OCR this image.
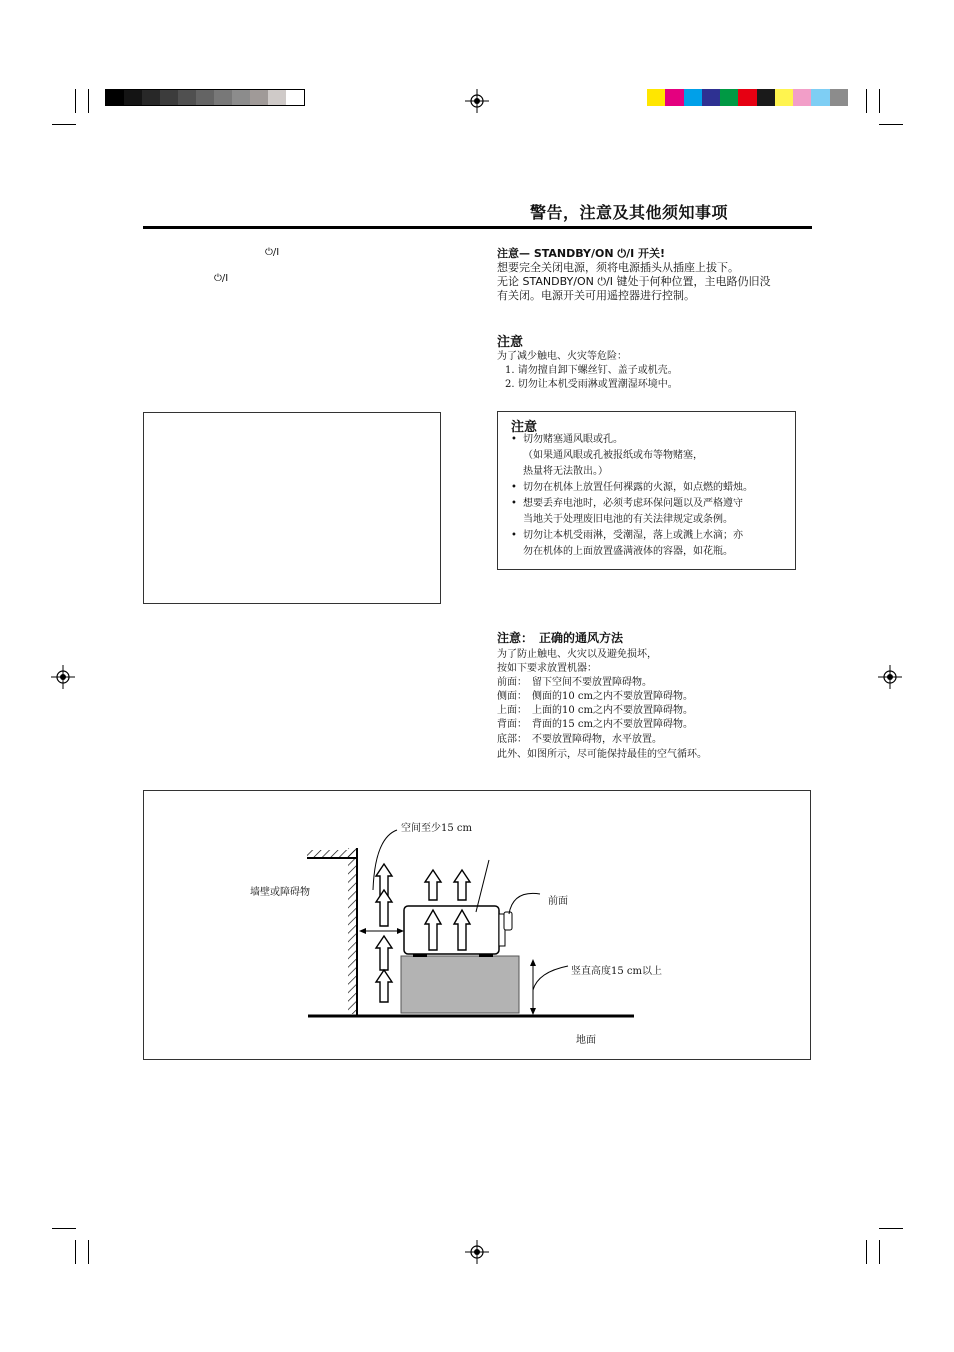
警告，注意及其他须知事项
⏻/I
⏻/I
注意— STANDBY/ON ⏻/I 开关!
想要完全关闭电源，须将电源插头从插座上拔下。
无论 STANDBY/ON ⏻/I 键处于何种位置，主电路仍旧没
有关闭。电源开关可用遥控器进行控制。
注意
为了减少触电、火灾等危险：
1. 请勿擅自卸下螺丝钉、盖子或机壳。
2. 切勿让本机受雨淋或置潮湿环境中。
注意
• 切勿赌塞通风眼或孔。
（如果通风眼或孔被报纸或布等物赌塞，
热量将无法散出。）
• 切勿在机体上放置任何裸露的火源，如点燃的蜡烛。
• 想要丢弃电池时，必须考虑环保问题以及严格遵守
当地关于处理废旧电池的有关法律规定或条例。
• 切勿让本机受雨淋，受潮湿，落上或溅上水滴；亦
勿在机体的上面放置盛满液体的容器，如花瓶。
注意：　正确的通风方法
为了防止触电、火灾以及避免损坏，
按如下要求放置机器：
前面：　留下空间不要放置障碍物。
侧面：　侧面的10 cm之内不要放置障碍物。
上面：　上面的10 cm之内不要放置障碍物。
背面：　背面的15 cm之内不要放置障碍物。
底部：　不要放置障碍物，水平放置。
此外、如图所示，尽可能保持最佳的空气循环。
空间至少15 cm
墙壁或障碍物
前面
竖直高度15 cm以上
地面
